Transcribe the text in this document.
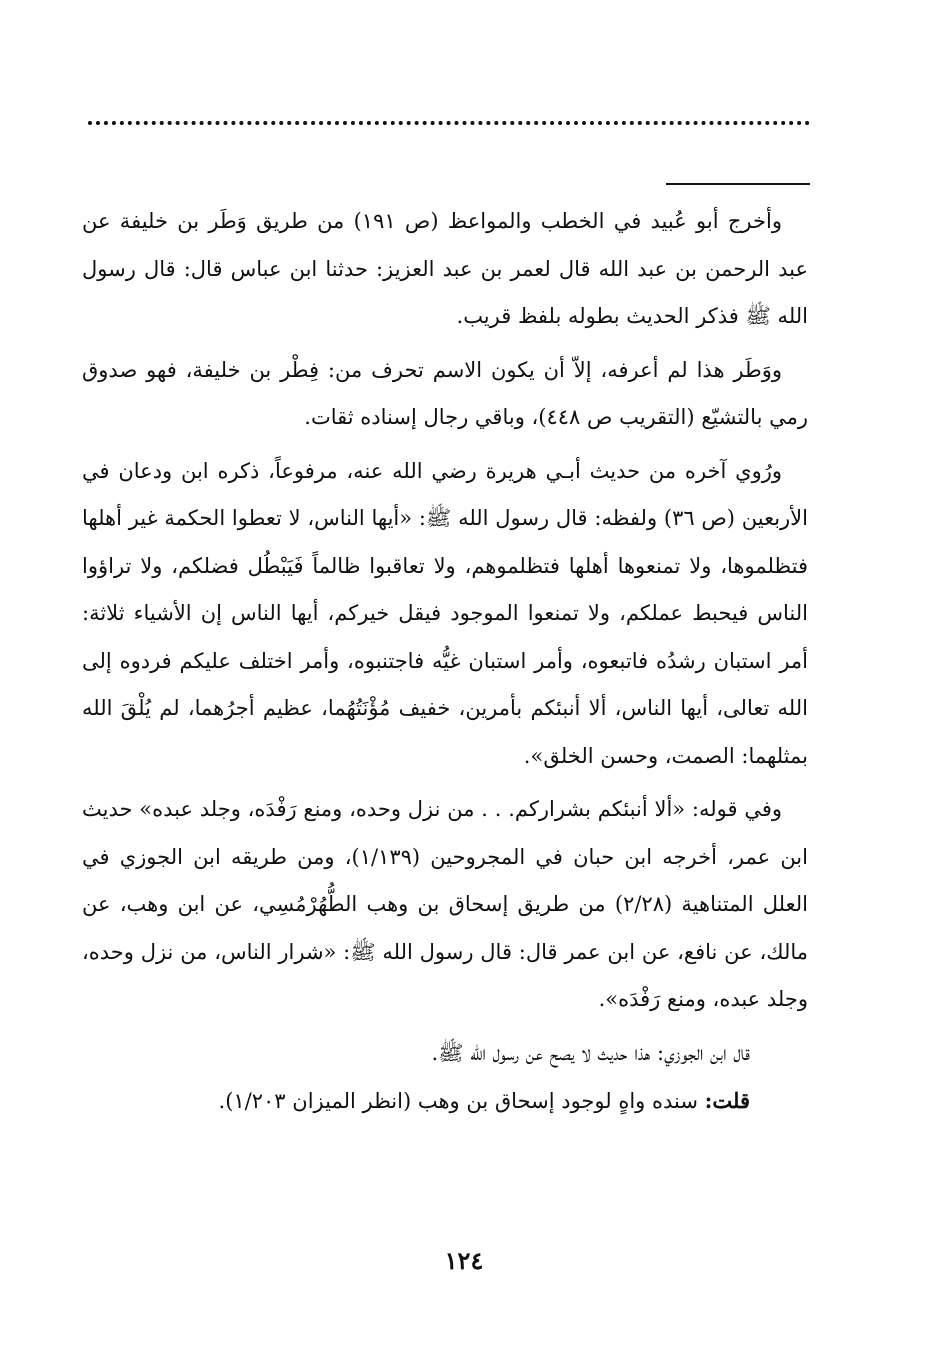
وأخرج أبو عُبيد في الخطب والمواعظ (ص ١٩١) من طريق وَطَر بن خليفة عن عبد الرحمن بن عبد الله قال لعمر بن عبد العزيز: حدثنا ابن عباس قال: قال رسول الله ﷺ فذكر الحديث بطوله بلفظ قريب.

ووَطَر هذا لم أعرفه، إلاّ أن يكون الاسم تحرف من: فِطْر بن خليفة، فهو صدوق رمي بالتشيّع (التقريب ص ٤٤٨)، وباقي رجال إسناده ثقات.

ورُوي آخره من حديث أبـي هريرة رضي الله عنه، مرفوعاً، ذكره ابن ودعان في الأربعين (ص ٣٦) ولفظه: قال رسول الله ﷺ: «أيها الناس، لا تعطوا الحكمة غير أهلها فتظلموها، ولا تمنعوها أهلها فتظلموهم، ولا تعاقبوا ظالماً فَيَبْطُل فضلكم، ولا تراؤوا الناس فيحبط عملكم، ولا تمنعوا الموجود فيقل خيركم، أيها الناس إن الأشياء ثلاثة: أمر استبان رشدُه فاتبعوه، وأمر استبان غيُّه فاجتنبوه، وأمر اختلف عليكم فردوه إلى الله تعالى، أيها الناس، ألا أنبئكم بأمرين، خفيف مُؤْنَتُهُما، عظيم أجرُهما، لم يُلْقَ الله بمثلهما: الصمت، وحسن الخلق».

وفي قوله: «ألا أنبئكم بشراركم. . . من نزل وحده، ومنع رَفْدَه، وجلد عبده» حديث ابن عمر، أخرجه ابن حبان في المجروحين (١/١٣٩)، ومن طريقه ابن الجوزي في العلل المتناهية (٢/٢٨) من طريق إسحاق بن وهب الطُّهُرْمُسِي، عن ابن وهب، عن مالك، عن نافع، عن ابن عمر قال: قال رسول الله ﷺ: «شرار الناس، من نزل وحده، وجلد عبده، ومنع رَفْدَه».

قال ابن الجوزي: هذا حديث لا يصح عن رسول الله ﷺ.

قلت: سنده واهٍ لوجود إسحاق بن وهب (انظر الميزان ١/٢٠٣).

١٢٤
